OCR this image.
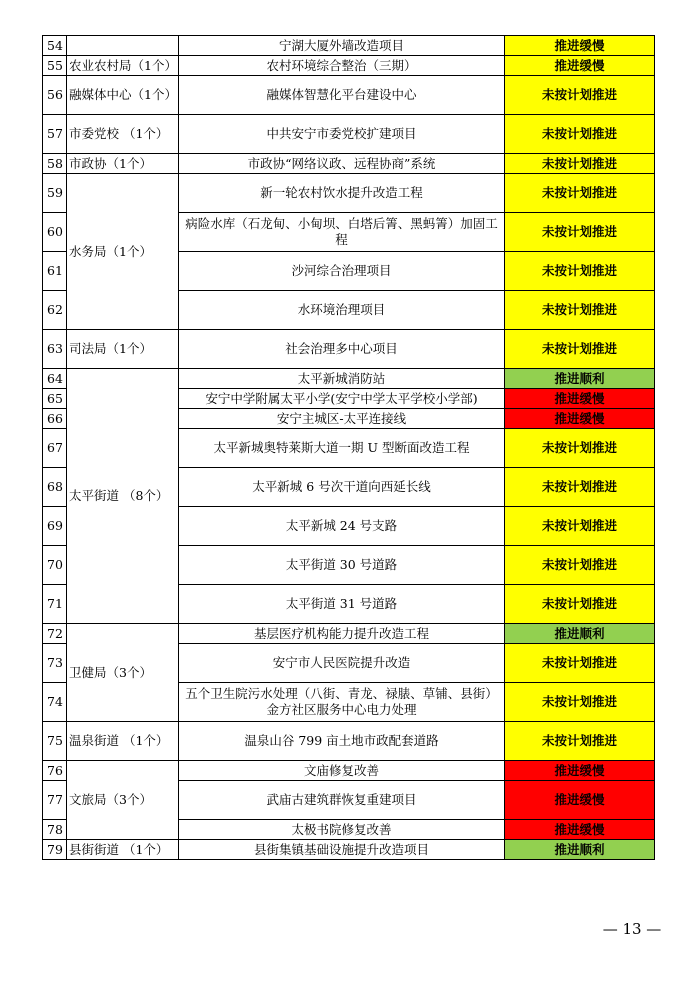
54		宁湖大厦外墙改造项目	推进缓慢
55	农业农村局（1个）	农村环境综合整治（三期）	推进缓慢
56	融媒体中心（1个）	融媒体智慧化平台建设中心	未按计划推进
57	市委党校 （1个）	中共安宁市委党校扩建项目	未按计划推进
58	市政协（1个）	市政协“网络议政、远程协商”系统	未按计划推进
59	水务局（1个）	新一轮农村饮水提升改造工程	未按计划推进
60		病险水库（石龙甸、小甸坝、白塔后箐、黑蚂箐）加固工程	未按计划推进
61		沙河综合治理项目	未按计划推进
62		水环境治理项目	未按计划推进
63	司法局（1个）	社会治理多中心项目	未按计划推进
64	太平街道 （8个）	太平新城消防站	推进顺利
65		安宁中学附属太平小学(安宁中学太平学校小学部)	推进缓慢
66		安宁主城区-太平连接线	推进缓慢
67		太平新城奥特莱斯大道一期 U 型断面改造工程	未按计划推进
68		太平新城 6 号次干道向西延长线	未按计划推进
69		太平新城 24 号支路	未按计划推进
70		太平街道 30 号道路	未按计划推进
71		太平街道 31 号道路	未按计划推进
72	卫健局（3个）	基层医疗机构能力提升改造工程	推进顺利
73		安宁市人民医院提升改造	未按计划推进
74		五个卫生院污水处理（八街、青龙、禄脿、草铺、县街）金方社区服务中心电力处理	未按计划推进
75	温泉街道 （1个）	温泉山谷 799 亩土地市政配套道路	未按计划推进
76	文旅局（3个）	文庙修复改善	推进缓慢
77		武庙古建筑群恢复重建项目	推进缓慢
78		太极书院修复改善	推进缓慢
79	县街街道 （1个）	县街集镇基础设施提升改造项目	推进顺利
— 13 —
